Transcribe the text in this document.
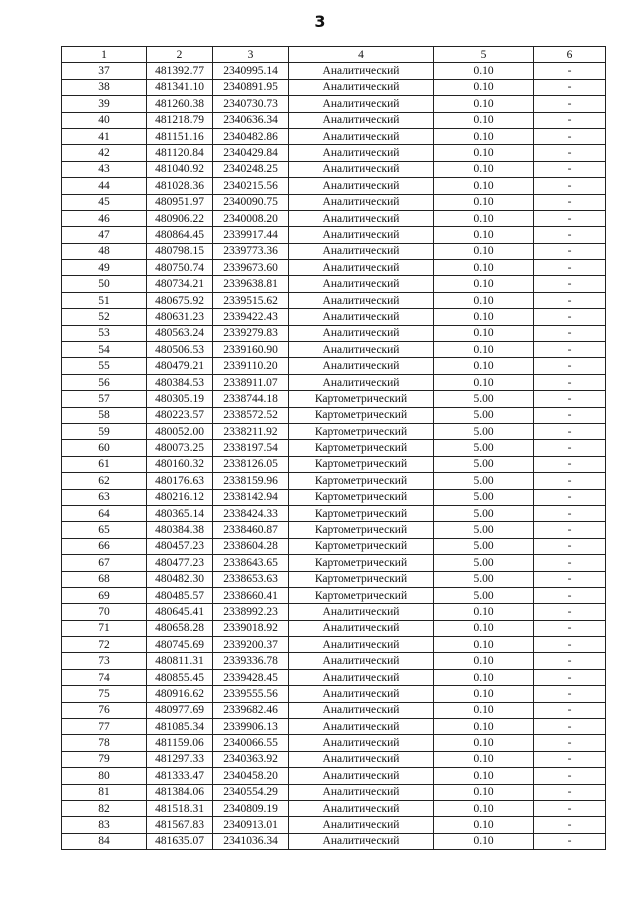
3
1	2	3	4	5	6
37	481392.77	2340995.14	Аналитический	0.10	-
38	481341.10	2340891.95	Аналитический	0.10	-
39	481260.38	2340730.73	Аналитический	0.10	-
40	481218.79	2340636.34	Аналитический	0.10	-
41	481151.16	2340482.86	Аналитический	0.10	-
42	481120.84	2340429.84	Аналитический	0.10	-
43	481040.92	2340248.25	Аналитический	0.10	-
44	481028.36	2340215.56	Аналитический	0.10	-
45	480951.97	2340090.75	Аналитический	0.10	-
46	480906.22	2340008.20	Аналитический	0.10	-
47	480864.45	2339917.44	Аналитический	0.10	-
48	480798.15	2339773.36	Аналитический	0.10	-
49	480750.74	2339673.60	Аналитический	0.10	-
50	480734.21	2339638.81	Аналитический	0.10	-
51	480675.92	2339515.62	Аналитический	0.10	-
52	480631.23	2339422.43	Аналитический	0.10	-
53	480563.24	2339279.83	Аналитический	0.10	-
54	480506.53	2339160.90	Аналитический	0.10	-
55	480479.21	2339110.20	Аналитический	0.10	-
56	480384.53	2338911.07	Аналитический	0.10	-
57	480305.19	2338744.18	Картометрический	5.00	-
58	480223.57	2338572.52	Картометрический	5.00	-
59	480052.00	2338211.92	Картометрический	5.00	-
60	480073.25	2338197.54	Картометрический	5.00	-
61	480160.32	2338126.05	Картометрический	5.00	-
62	480176.63	2338159.96	Картометрический	5.00	-
63	480216.12	2338142.94	Картометрический	5.00	-
64	480365.14	2338424.33	Картометрический	5.00	-
65	480384.38	2338460.87	Картометрический	5.00	-
66	480457.23	2338604.28	Картометрический	5.00	-
67	480477.23	2338643.65	Картометрический	5.00	-
68	480482.30	2338653.63	Картометрический	5.00	-
69	480485.57	2338660.41	Картометрический	5.00	-
70	480645.41	2338992.23	Аналитический	0.10	-
71	480658.28	2339018.92	Аналитический	0.10	-
72	480745.69	2339200.37	Аналитический	0.10	-
73	480811.31	2339336.78	Аналитический	0.10	-
74	480855.45	2339428.45	Аналитический	0.10	-
75	480916.62	2339555.56	Аналитический	0.10	-
76	480977.69	2339682.46	Аналитический	0.10	-
77	481085.34	2339906.13	Аналитический	0.10	-
78	481159.06	2340066.55	Аналитический	0.10	-
79	481297.33	2340363.92	Аналитический	0.10	-
80	481333.47	2340458.20	Аналитический	0.10	-
81	481384.06	2340554.29	Аналитический	0.10	-
82	481518.31	2340809.19	Аналитический	0.10	-
83	481567.83	2340913.01	Аналитический	0.10	-
84	481635.07	2341036.34	Аналитический	0.10	-
